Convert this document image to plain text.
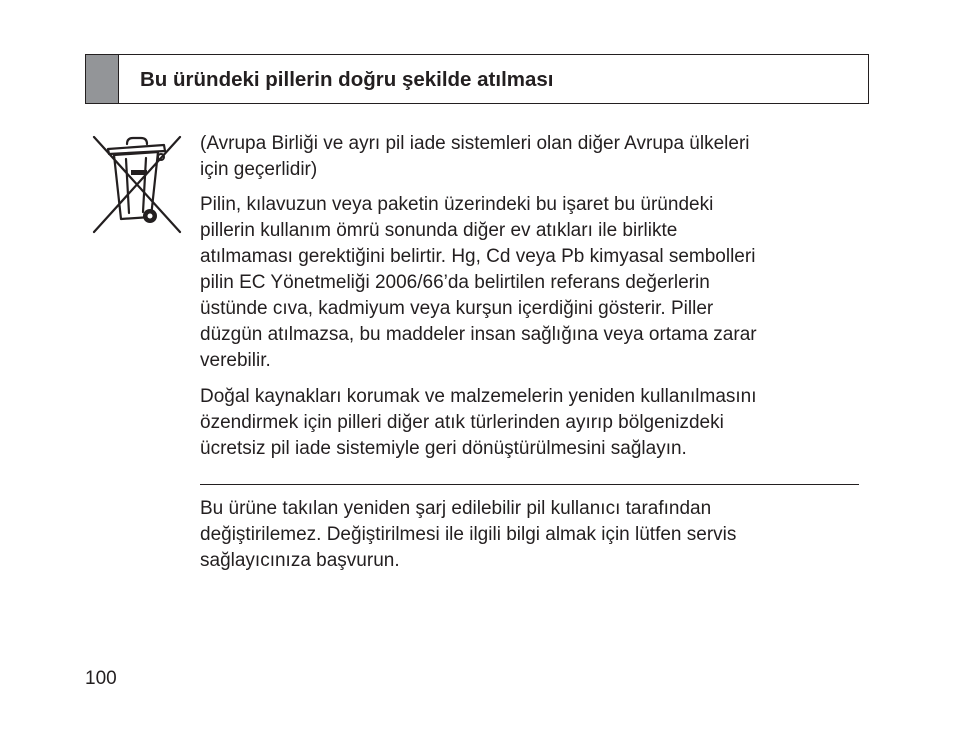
Bu üründeki pillerin doğru şekilde atılması
(Avrupa Birliği ve ayrı pil iade sistemleri olan diğer Avrupa ülkeleri
için geçerlidir)
Pilin, kılavuzun veya paketin üzerindeki bu işaret bu üründeki
pillerin kullanım ömrü sonunda diğer ev atıkları ile birlikte
atılmaması gerektiğini belirtir. Hg, Cd veya Pb kimyasal sembolleri
pilin EC Yönetmeliği 2006/66’da belirtilen referans değerlerin
üstünde cıva, kadmiyum veya kurşun içerdiğini gösterir. Piller
düzgün atılmazsa, bu maddeler insan sağlığına veya ortama zarar
verebilir.
Doğal kaynakları korumak ve malzemelerin yeniden kullanılmasını
özendirmek için pilleri diğer atık türlerinden ayırıp bölgenizdeki
ücretsiz pil iade sistemiyle geri dönüştürülmesini sağlayın.
Bu ürüne takılan yeniden şarj edilebilir pil kullanıcı tarafından
değiştirilemez. Değiştirilmesi ile ilgili bilgi almak için lütfen servis
sağlayıcınıza başvurun.
100
